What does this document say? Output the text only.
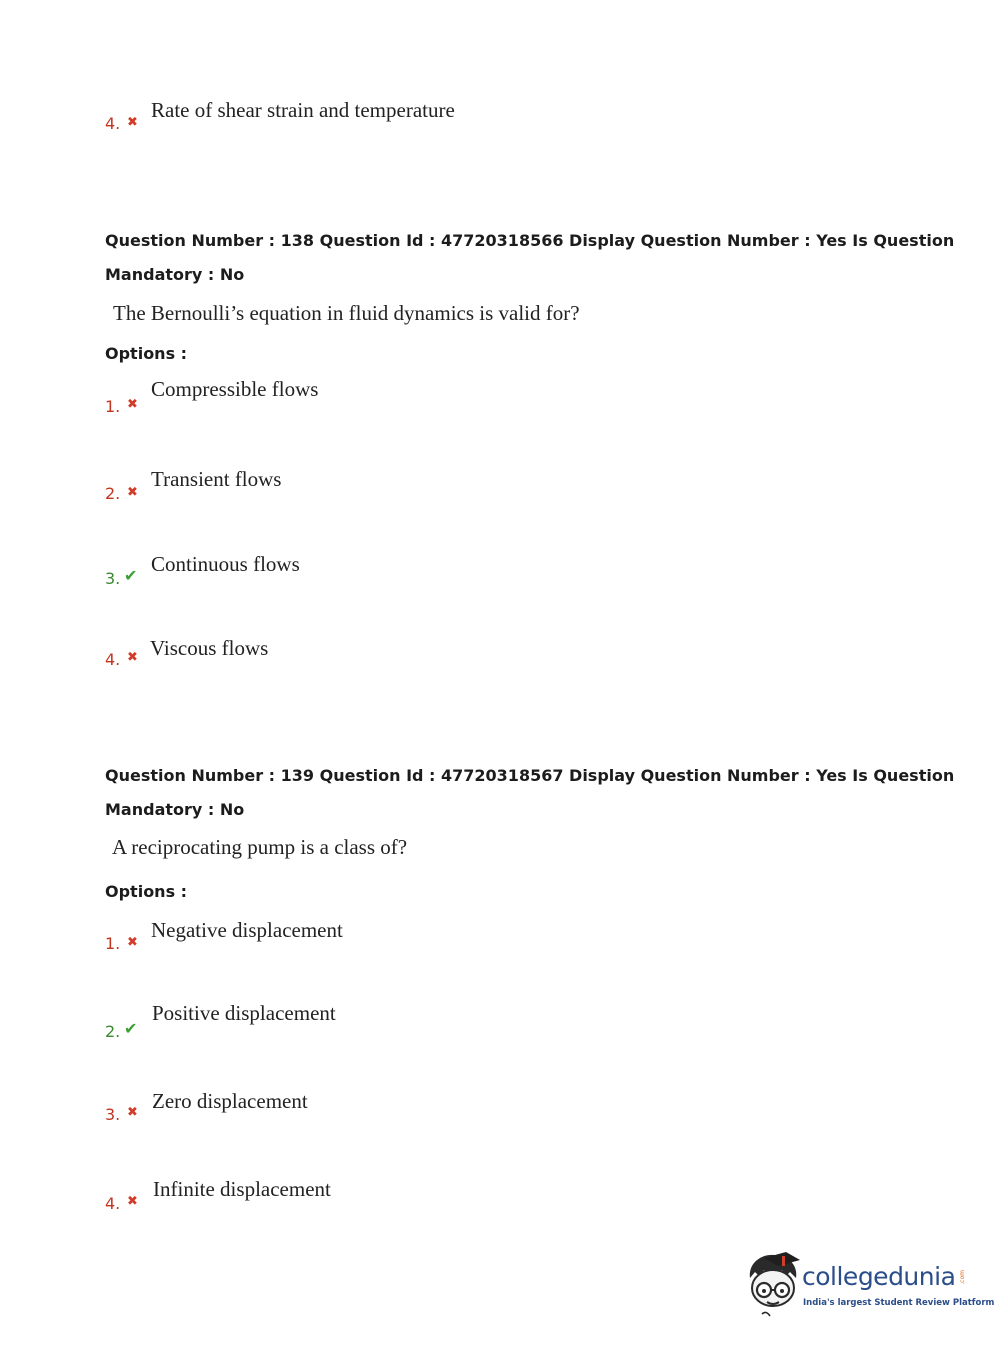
4. ✖
Rate of shear strain and temperature
Question Number : 138 Question Id : 47720318566 Display Question Number : Yes Is Question
Mandatory : No
The Bernoulli’s equation in fluid dynamics is valid for?
Options :
1. ✖
Compressible flows
2. ✖
Transient flows
3. ✔ Continuous flows
4. ✖ Viscous flows
Question Number : 139 Question Id : 47720318567 Display Question Number : Yes Is Question
Mandatory : No
A reciprocating pump is a class of?
Options :
1. ✖
Negative displacement
2. ✔
Positive displacement
3. ✖ Zero displacement
4. ✖
Infinite displacement
collegedunia .com
India's largest Student Review Platform
